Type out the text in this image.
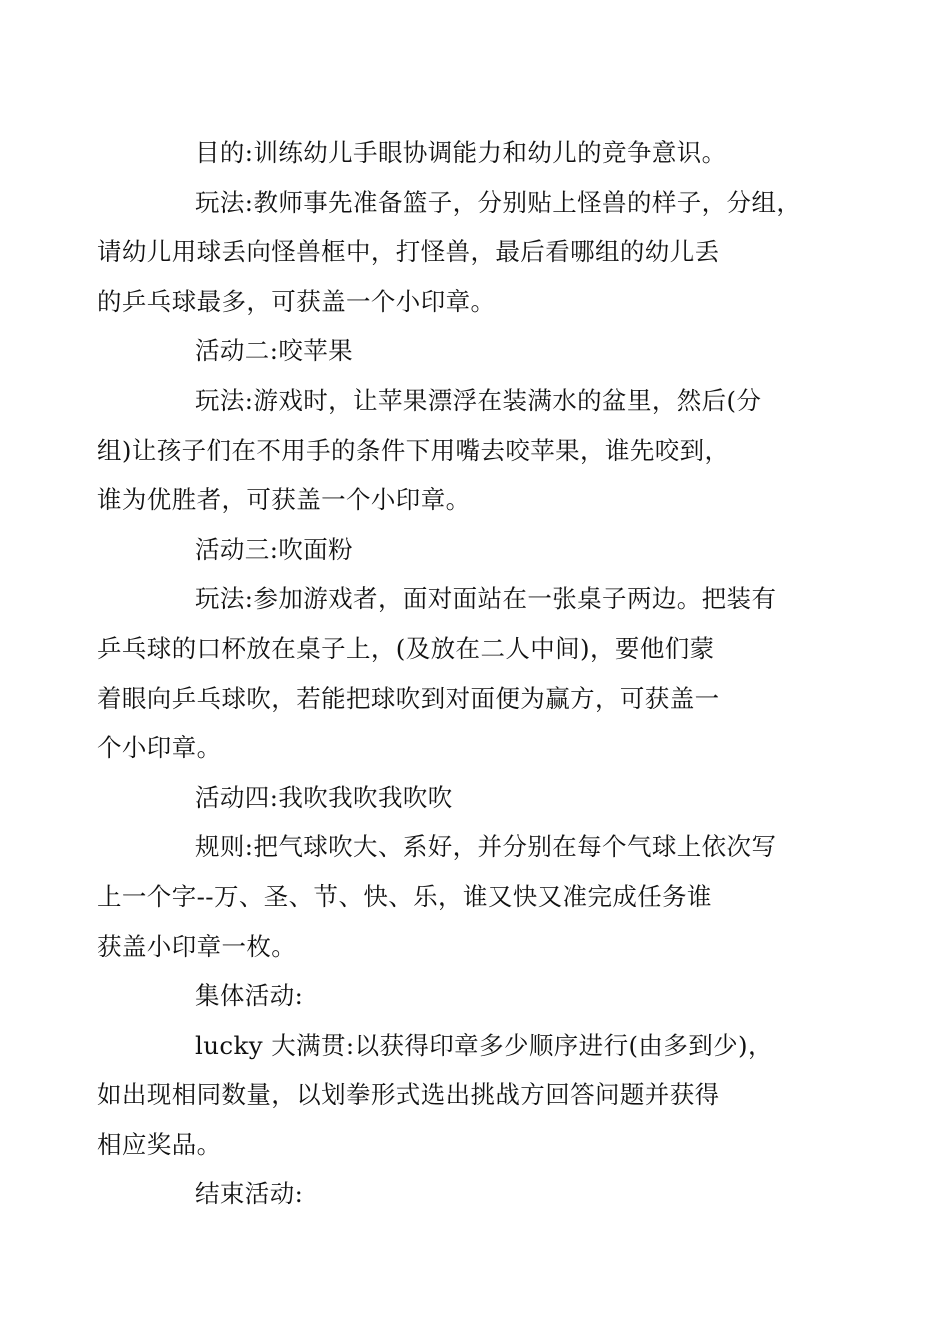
目的:训练幼儿手眼协调能力和幼儿的竞争意识。

玩法:教师事先准备篮子，分别贴上怪兽的样子，分组，
请幼儿用球丢向怪兽框中，打怪兽，最后看哪组的幼儿丢
的乒乓球最多，可获盖一个小印章。

活动二:咬苹果

玩法:游戏时，让苹果漂浮在装满水的盆里，然后(分
组)让孩子们在不用手的条件下用嘴去咬苹果，谁先咬到，
谁为优胜者，可获盖一个小印章。

活动三:吹面粉

玩法:参加游戏者，面对面站在一张桌子两边。把装有
乒乓球的口杯放在桌子上，(及放在二人中间)，要他们蒙
着眼向乒乓球吹，若能把球吹到对面便为赢方，可获盖一
个小印章。

活动四:我吹我吹我吹吹

规则:把气球吹大、系好，并分别在每个气球上依次写
上一个字--万、圣、节、快、乐，谁又快又准完成任务谁
获盖小印章一枚。

集体活动:

lucky 大满贯:以获得印章多少顺序进行(由多到少)，
如出现相同数量，以划拳形式选出挑战方回答问题并获得
相应奖品。

结束活动:
